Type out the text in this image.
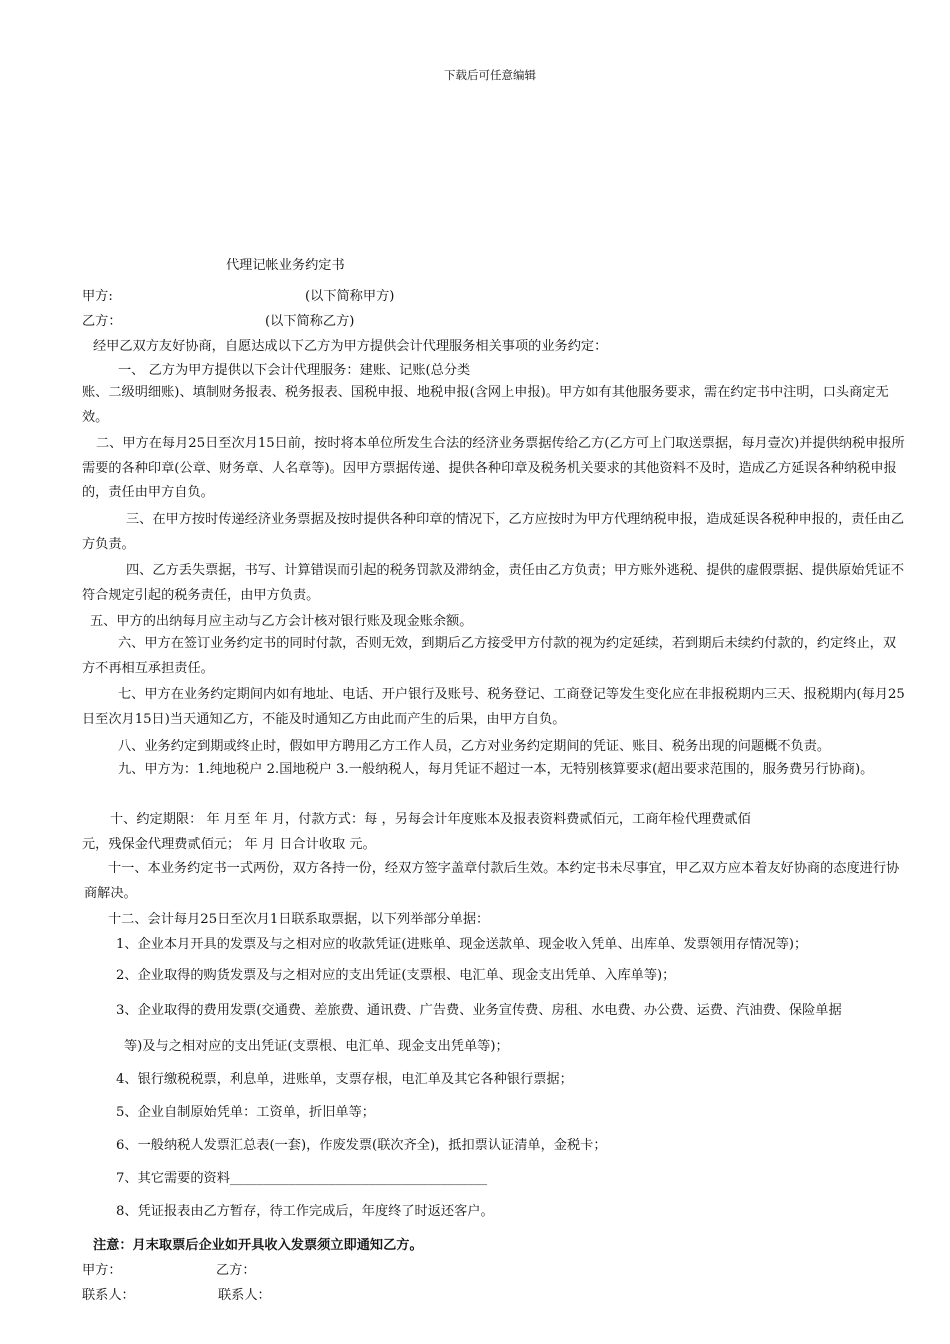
下载后可任意编辑
代理记帐业务约定书
甲方:	(以下简称甲方)
乙方：	(以下简称乙方)
经甲乙双方友好协商，自愿达成以下乙方为甲方提供会计代理服务相关事项的业务约定：
一、 乙方为甲方提供以下会计代理服务：建账、记账(总分类
账、二级明细账)、填制财务报表、税务报表、国税申报、地税申报(含网上申报)。甲方如有其他服务要求，需在约定书中注明，口头商定无效。
二、甲方在每月25日至次月15日前，按时将本单位所发生合法的经济业务票据传给乙方(乙方可上门取送票据，每月壹次)并提供纳税申报所需要的各种印章(公章、财务章、人名章等)。因甲方票据传递、提供各种印章及税务机关要求的其他资料不及时，造成乙方延误各种纳税申报的，责任由甲方自负。
三、在甲方按时传递经济业务票据及按时提供各种印章的情况下，乙方应按时为甲方代理纳税申报，造成延误各税种申报的，责任由乙方负责。
四、乙方丢失票据，书写、计算错误而引起的税务罚款及滞纳金，责任由乙方负责；甲方账外逃税、提供的虚假票据、提供原始凭证不符合规定引起的税务责任，由甲方负责。
五、甲方的出纳每月应主动与乙方会计核对银行账及现金账余额。
六、甲方在签订业务约定书的同时付款，否则无效，到期后乙方接受甲方付款的视为约定延续，若到期后未续约付款的，约定终止，双方不再相互承担责任。
七、甲方在业务约定期间内如有地址、电话、开户银行及账号、税务登记、工商登记等发生变化应在非报税期内三天、报税期内(每月25日至次月15日)当天通知乙方，不能及时通知乙方由此而产生的后果，由甲方自负。
八、业务约定到期或终止时，假如甲方聘用乙方工作人员，乙方对业务约定期间的凭证、账目、税务出现的问题概不负责。
九、甲方为：1.纯地税户 2.国地税户 3.一般纳税人，每月凭证不超过一本，无特别核算要求(超出要求范围的，服务费另行协商)。
十、约定期限： 年 月至 年 月，付款方式：每 ，另每会计年度账本及报表资料费贰佰元，工商年检代理费贰佰
元，残保金代理费贰佰元； 年 月 日合计收取 元。
十一、本业务约定书一式两份，双方各持一份，经双方签字盖章付款后生效。本约定书未尽事宜，甲乙双方应本着友好协商的态度进行协商解决。
十二、会计每月25日至次月1日联系取票据，以下列举部分单据：
1、企业本月开具的发票及与之相对应的收款凭证(进账单、现金送款单、现金收入凭单、出库单、发票领用存情况等)；
2、企业取得的购货发票及与之相对应的支出凭证(支票根、电汇单、现金支出凭单、入库单等)；
3、企业取得的费用发票(交通费、差旅费、通讯费、广告费、业务宣传费、房租、水电费、办公费、运费、汽油费、保险单据
等)及与之相对应的支出凭证(支票根、电汇单、现金支出凭单等)；
4、银行缴税税票，利息单，进账单，支票存根，电汇单及其它各种银行票据；
5、企业自制原始凭单：工资单，折旧单等；
6、一般纳税人发票汇总表(一套)，作废发票(联次齐全)，抵扣票认证清单，金税卡；
7、其它需要的资料_______________________________________
8、凭证报表由乙方暂存，待工作完成后，年度终了时返还客户。
注意：月末取票后企业如开具收入发票须立即通知乙方。
甲方：	乙方：
联系人：	联系人：
